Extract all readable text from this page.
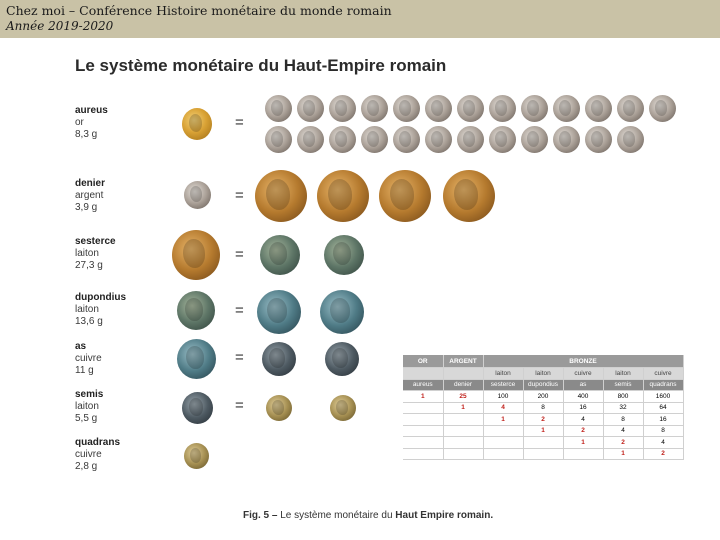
Chez moi – Conférence Histoire monétaire du monde romain
Année 2019-2020
Le système monétaire du Haut-Empire romain
aureus
or
8,3 g
denier
argent
3,9 g
sesterce
laiton
27,3 g
dupondius
laiton
13,6 g
as
cuivre
11 g
semis
laiton
5,5 g
quadrans
cuivre
2,8 g
=
=
=
=
=
=
OR	ARGENT	BRONZE				
		laiton	laiton	cuivre	laiton	cuivre
aureus	denier	sesterce	dupondius	as	semis	quadrans
1	25	100	200	400	800	1600
	1	4	8	16	32	64
		1	2	4	8	16
			1	2	4	8
				1	2	4
					1	2
Fig. 5 – Le système monétaire du Haut Empire romain.
